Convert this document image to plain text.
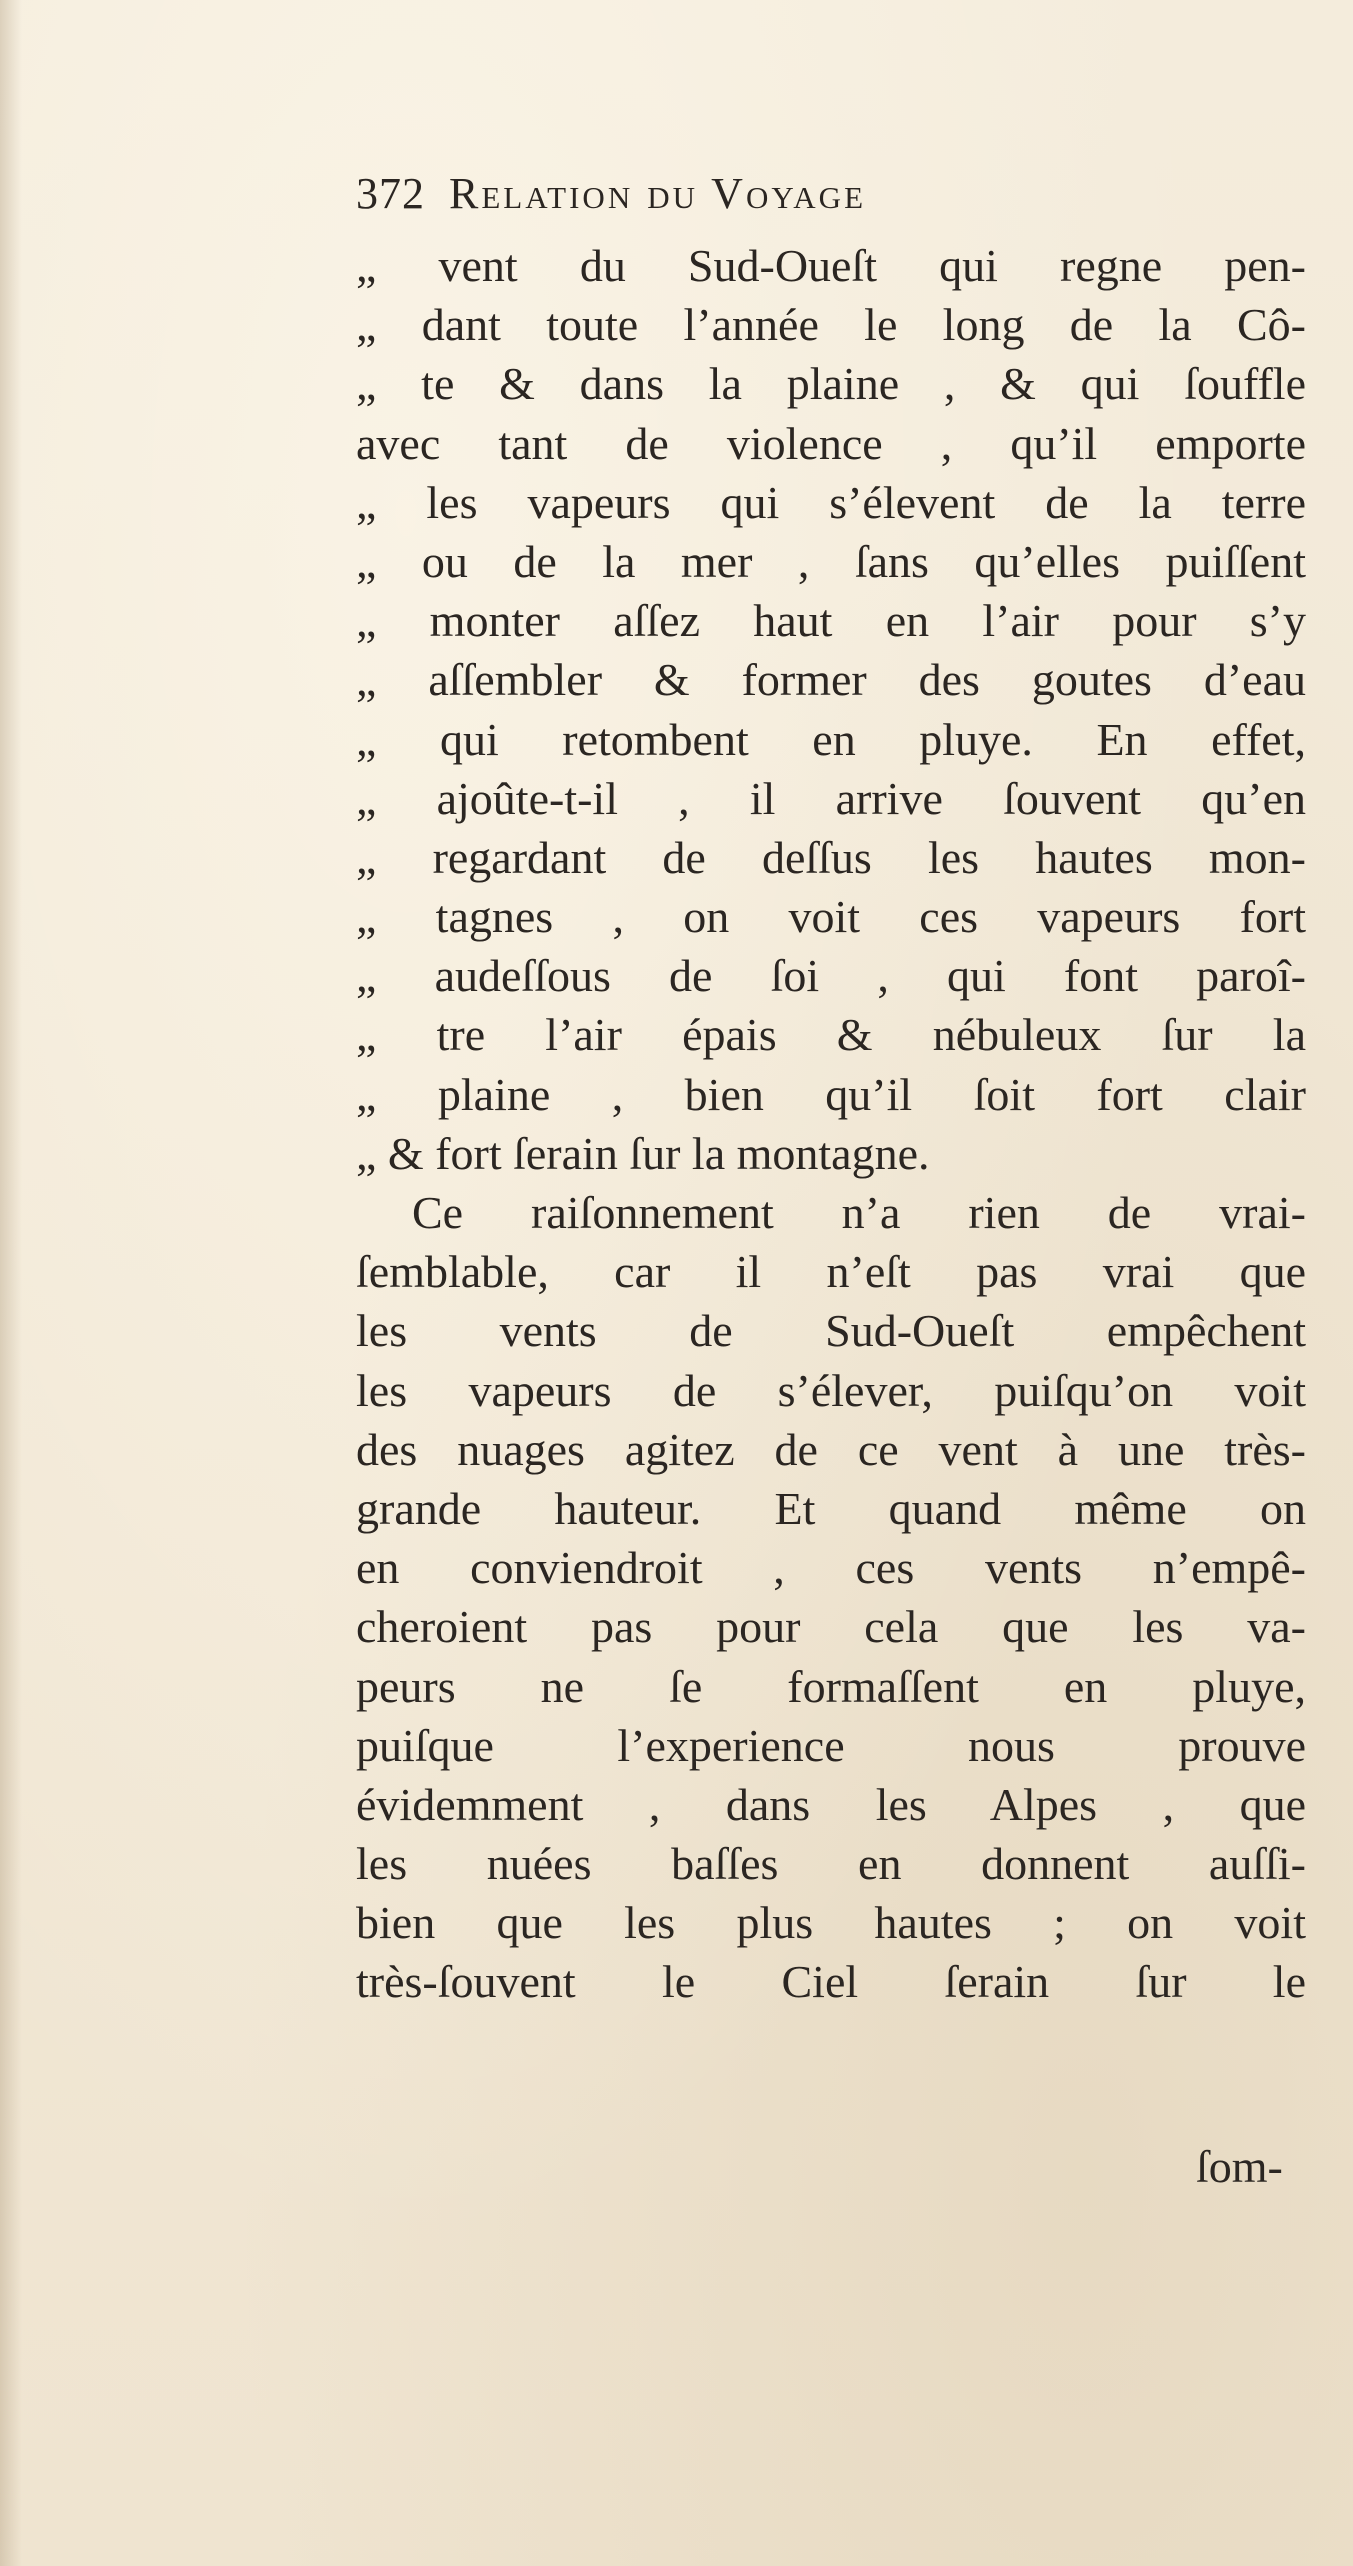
372 Relation du Voyage
„ vent du Sud-Oueſt qui regne pen-
„ dant toute l’année le long de la Cô-
„ te & dans la plaine , & qui ſouffle
avec tant de violence , qu’il emporte
„ les vapeurs qui s’élevent de la terre
„ ou de la mer , ſans qu’elles puiſſent
„ monter aſſez haut en l’air pour s’y
„ aſſembler & former des goutes d’eau
„ qui retombent en pluye. En effet,
„ ajoûte-t-il , il arrive ſouvent qu’en
„ regardant de deſſus les hautes mon-
„ tagnes , on voit ces vapeurs fort
„ audeſſous de ſoi , qui font paroî-
„ tre l’air épais & nébuleux ſur la
„ plaine , bien qu’il ſoit fort clair
„ & fort ſerain ſur la montagne.
Ce raiſonnement n’a rien de vrai-
ſemblable, car il n’eſt pas vrai que
les vents de Sud-Oueſt empêchent
les vapeurs de s’élever, puiſqu’on voit
des nuages agitez de ce vent à une très-
grande hauteur. Et quand même on
en conviendroit , ces vents n’empê-
cheroient pas pour cela que les va-
peurs ne ſe formaſſent en pluye,
puiſque l’experience nous prouve
évidemment , dans les Alpes , que
les nuées baſſes en donnent auſſi-
bien que les plus hautes ; on voit
très-ſouvent le Ciel ſerain ſur le
ſom-
